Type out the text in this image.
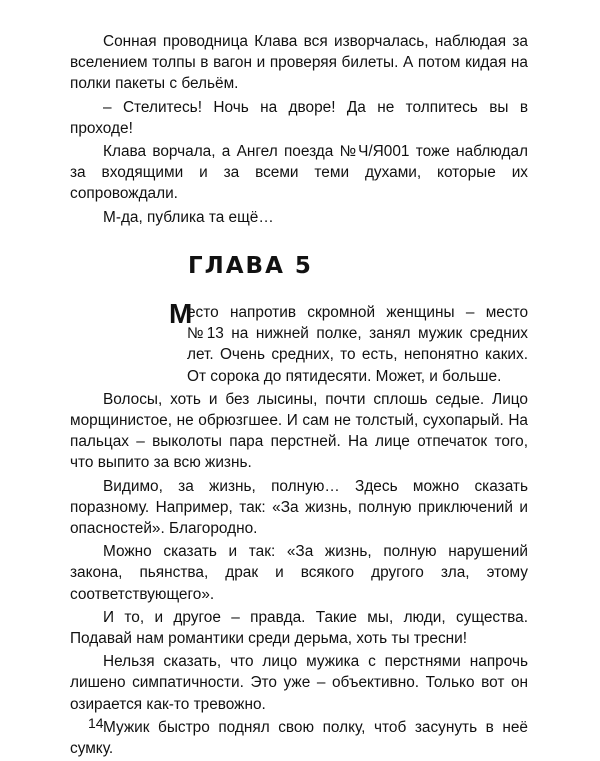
Сонная проводница Клава вся изворчалась, наблюдая за вселением толпы в вагон и проверяя билеты. А потом кидая на полки пакеты с бельём.

– Стелитесь! Ночь на дворе! Да не толпитесь вы в проходе!

Клава ворчала, а Ангел поезда №Ч/Я001 тоже наблюдал за входящими и за всеми теми духами, которые их сопровождали.

М-да, публика та ещё…

ГЛАВА 5

М
есто напротив скромной женщины – место №13 на нижней полке, занял мужик средних лет. Очень средних, то есть, непонятно каких. От сорока до пятидесяти. Может, и больше.

Волосы, хоть и без лысины, почти сплошь седые. Лицо морщинистое, не обрюзгшее. И сам не толстый, сухопарый. На пальцах – выколоты пара перстней. На лице отпечаток того, что выпито за всю жизнь.

Видимо, за жизнь, полную… Здесь можно сказать поразному. Например, так: «За жизнь, полную приключений и опасностей». Благородно.

Можно сказать и так: «За жизнь, полную нарушений закона, пьянства, драк и всякого другого зла, этому соответствующего».

И то, и другое – правда. Такие мы, люди, существа. Подавай нам романтики среди дерьма, хоть ты тресни!

Нельзя сказать, что лицо мужика с перстнями напрочь лишено симпатичности. Это уже – объективно. Только вот он озирается как-то тревожно.

Мужик быстро поднял свою полку, чтоб засунуть в неё сумку.

14
